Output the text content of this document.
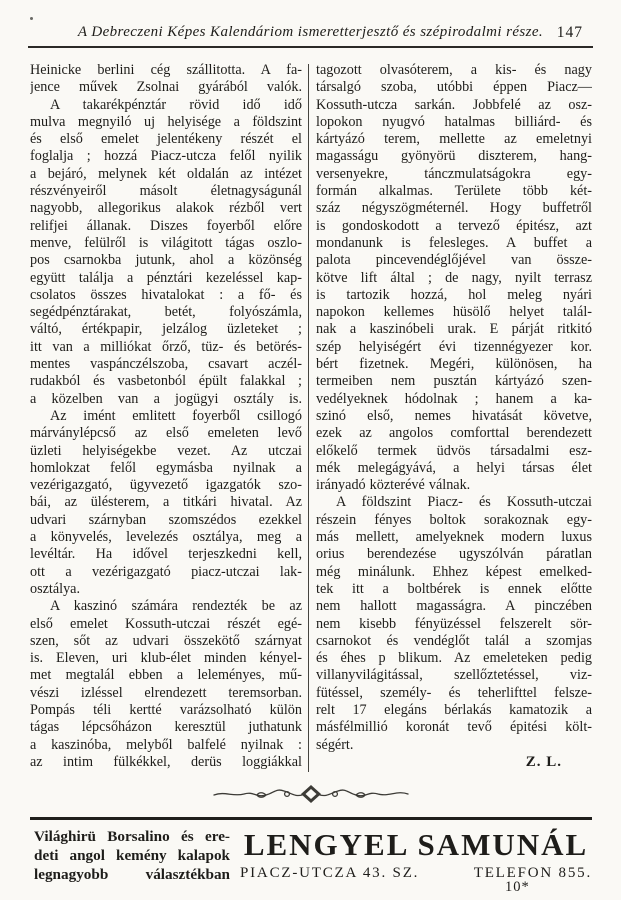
A Debreczeni Képes Kalendáriom ismeretterjesztő és szépirodalmi része. 147
Heinicke berlini cég szállitotta. A fa-
jence művek Zsolnai gyárából valók.
A takarékpénztár rövid idő idő
mulva megnyiló uj helyisége a földszint
és első emelet jelentékeny részét el
foglalja ; hozzá Piacz-utcza felől nyilik
a bejáró, melynek két oldalán az intézet
részvényeiről másolt életnagyságunál
nagyobb, allegorikus alakok rézből vert
relifjei állanak. Diszes foyerből előre
menve, felülről is világitott tágas oszlo-
pos csarnokba jutunk, ahol a közönség
együtt találja a pénztári kezeléssel kap-
csolatos összes hivatalokat : a fő- és
segédpénztárakat, betét, folyószámla,
váltó, értékpapir, jelzálog üzleteket ;
itt van a milliókat őrző, tüz- és betörés-
mentes vaspánczélszoba, csavart aczél-
rudakból és vasbetonból épült falakkal ;
a közelben van a jogügyi osztály is.
Az imént emlitett foyerből csillogó
márványlépcső az első emeleten levő
üzleti helyiségekbe vezet. Az utczai
homlokzat felől egymásba nyilnak a
vezérigazgató, ügyvezető igazgatók szo-
bái, az ülésterem, a titkári hivatal. Az
udvari szárnyban szomszédos ezekkel
a könyvelés, levelezés osztálya, meg a
levéltár. Ha idővel terjeszkedni kell,
ott a vezérigazgató piacz-utczai lak-
osztálya.
A kaszinó számára rendezték be az
első emelet Kossuth-utczai részét egé-
szen, sőt az udvari összekötő szárnyat
is. Eleven, uri klub-élet minden kényel-
met megtalál ebben a leleményes, mű-
vészi izléssel elrendezett teremsorban.
Pompás téli kertté varázsolható külön
tágas lépcsőházon keresztül juthatunk
a kaszinóba, melyből balfelé nyilnak :
az intim fülkékkel, derüs loggiákkal
tagozott olvasóterem, a kis- és nagy
társalgó szoba, utóbbi éppen Piacz—
Kossuth-utcza sarkán. Jobbfelé az osz-
lopokon nyugvó hatalmas billiárd- és
kártyázó terem, mellette az emeletnyi
magasságu gyönyörü diszterem, hang-
versenyekre, tánczmulatságokra egy-
formán alkalmas. Területe több két-
száz négyszögméternél. Hogy buffetről
is gondoskodott a tervező épitész, azt
mondanunk is felesleges. A buffet a
palota pincevendéglőjével van össze-
kötve lift által ; de nagy, nyilt terrasz
is tartozik hozzá, hol meleg nyári
napokon kellemes hüsölő helyet talál-
nak a kaszinóbeli urak. E párját ritkitó
szép helyiségért évi tizennégyezer kor.
bért fizetnek. Megéri, különösen, ha
termeiben nem pusztán kártyázó szen-
vedélyeknek hódolnak ; hanem a ka-
szinó első, nemes hivatását követve,
ezek az angolos comforttal berendezett
előkelő termek üdvös társadalmi esz-
mék melegágyává, a helyi társas élet
irányadó közterévé válnak.
A földszint Piacz- és Kossuth-utczai
részein fényes boltok sorakoznak egy-
más mellett, amelyeknek modern luxus
orius berendezése ugyszólván páratlan
még minálunk. Ehhez képest emelked-
tek itt a boltbérek is ennek előtte
nem hallott magasságra. A pinczében
nem kisebb fényüzéssel felszerelt sör-
csarnokot és vendéglőt talál a szomjas
és éhes p blikum. Az emeleteken pedig
villanyvilágitással, szellőztetéssel, viz-
fütéssel, személy- és teherlifttel felsze-
relt 17 elegáns bérlakás kamatozik a
másfélmillió koronát tevő épitési költ-
ségért.
Z. L.
Világhirü Borsalino és ere-
deti angol kemény kalapok
legnagyobb választékban
LENGYEL SAMUNÁL
PIACZ-UTCZA 43. SZ.	TELEFON 855.
10*
